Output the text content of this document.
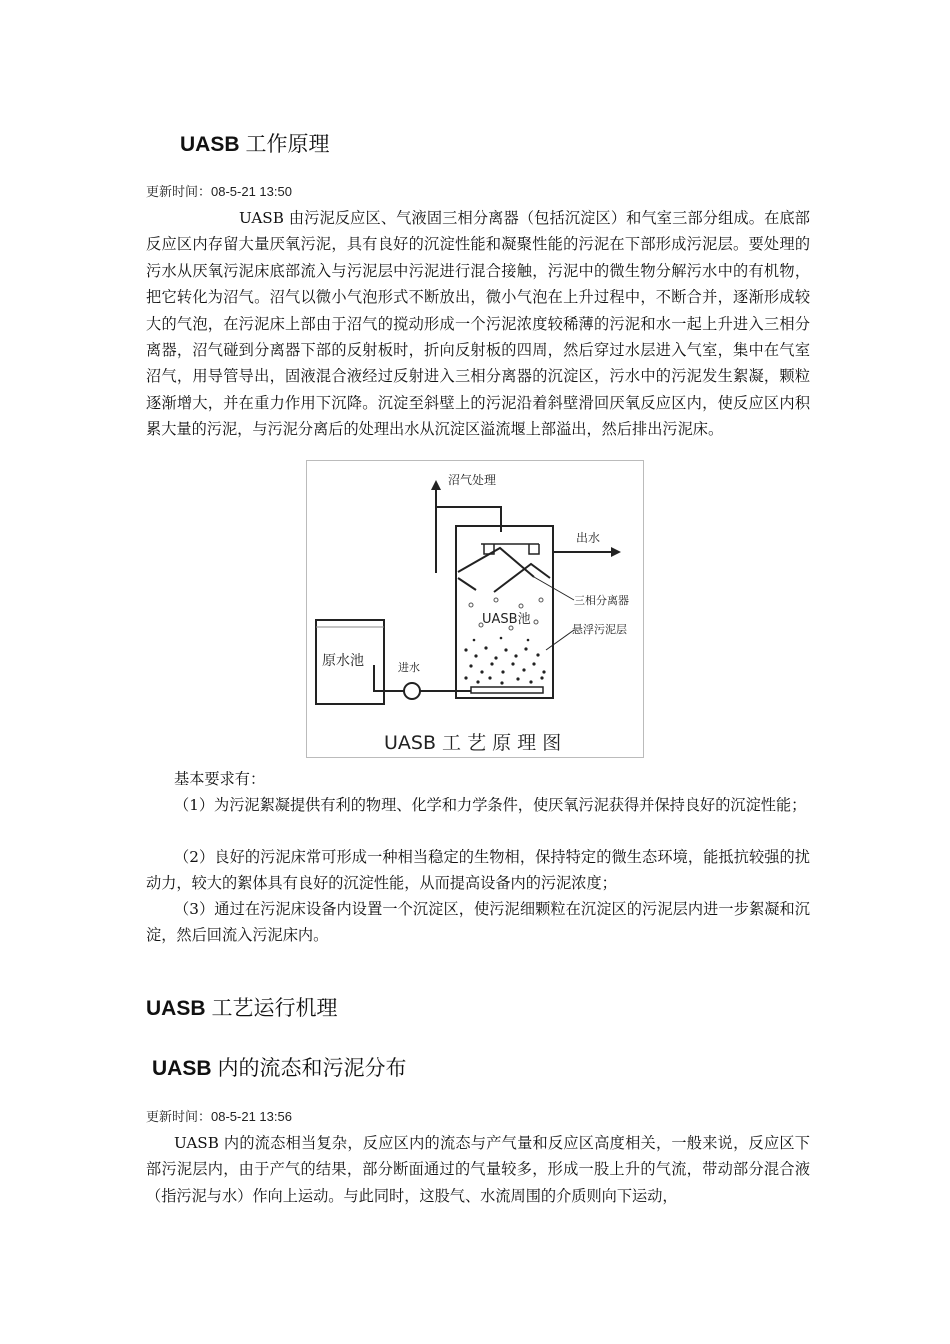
UASB 工作原理
更新时间：08-5-21 13:50

UASB 由污泥反应区、气液固三相分离器（包括沉淀区）和气室三部分组成。在底部反应区内存留大量厌氧污泥，具有良好的沉淀性能和凝聚性能的污泥在下部形成污泥层。要处理的污水从厌氧污泥床底部流入与污泥层中污泥进行混合接触，污泥中的微生物分解污水中的有机物，把它转化为沼气。沼气以微小气泡形式不断放出，微小气泡在上升过程中，不断合并，逐渐形成较大的气泡，在污泥床上部由于沼气的搅动形成一个污泥浓度较稀薄的污泥和水一起上升进入三相分离器，沼气碰到分离器下部的反射板时，折向反射板的四周，然后穿过水层进入气室，集中在气室沼气，用导管导出，固液混合液经过反射进入三相分离器的沉淀区，污水中的污泥发生絮凝，颗粒逐渐增大，并在重力作用下沉降。沉淀至斜壁上的污泥沿着斜壁滑回厌氧反应区内，使反应区内积累大量的污泥，与污泥分离后的处理出水从沉淀区溢流堰上部溢出，然后排出污泥床。

沼气处理
出水
三相分离器
UASB池
悬浮污泥层
原水池	进水
UASB 工 艺 原 理 图

基本要求有：

（1）为污泥絮凝提供有利的物理、化学和力学条件，使厌氧污泥获得并保持良好的沉淀性能；

（2）良好的污泥床常可形成一种相当稳定的生物相，保持特定的微生态环境，能抵抗较强的扰动力，较大的絮体具有良好的沉淀性能，从而提高设备内的污泥浓度；

（3）通过在污泥床设备内设置一个沉淀区，使污泥细颗粒在沉淀区的污泥层内进一步絮凝和沉淀，然后回流入污泥床内。

UASB 工艺运行机理
UASB 内的流态和污泥分布
更新时间：08-5-21 13:56

UASB 内的流态相当复杂，反应区内的流态与产气量和反应区高度相关，一般来说，反应区下部污泥层内，由于产气的结果，部分断面通过的气量较多，形成一股上升的气流，带动部分混合液（指污泥与水）作向上运动。与此同时，这股气、水流周围的介质则向下运动，
